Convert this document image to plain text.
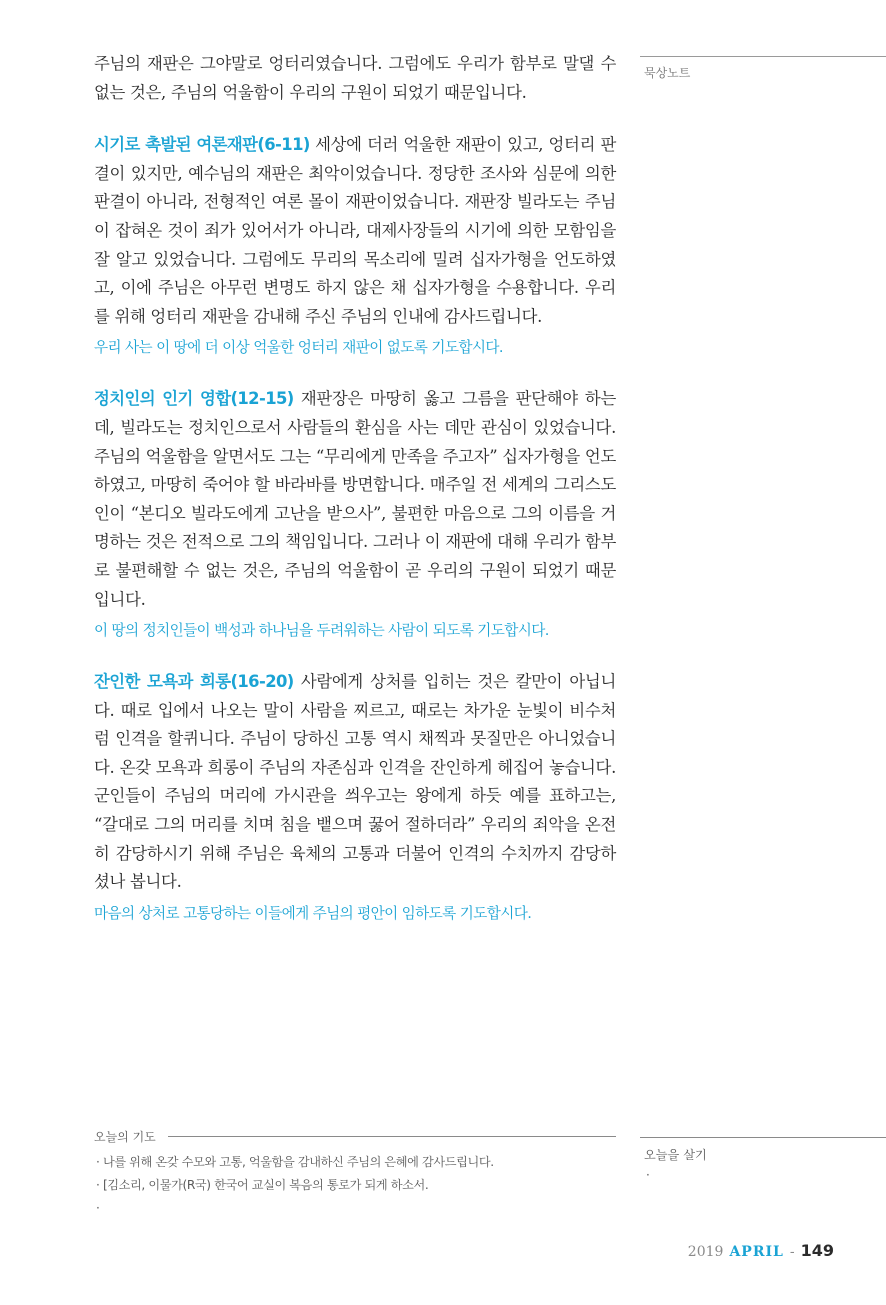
묵상노트

주님의 재판은 그야말로 엉터리였습니다. 그럼에도 우리가 함부로 말댈 수 없는 것은, 주님의 억울함이 우리의 구원이 되었기 때문입니다.

시기로 촉발된 여론재판(6-11) 세상에 더러 억울한 재판이 있고, 엉터리 판결이 있지만, 예수님의 재판은 최악이었습니다. 정당한 조사와 심문에 의한 판결이 아니라, 전형적인 여론 몰이 재판이었습니다. 재판장 빌라도는 주님이 잡혀온 것이 죄가 있어서가 아니라, 대제사장들의 시기에 의한 모함임을 잘 알고 있었습니다. 그럼에도 무리의 목소리에 밀려 십자가형을 언도하였고, 이에 주님은 아무런 변명도 하지 않은 채 십자가형을 수용합니다. 우리를 위해 엉터리 재판을 감내해 주신 주님의 인내에 감사드립니다.

우리 사는 이 땅에 더 이상 억울한 엉터리 재판이 없도록 기도합시다.

정치인의 인기 영합(12-15) 재판장은 마땅히 옳고 그름을 판단해야 하는데, 빌라도는 정치인으로서 사람들의 환심을 사는 데만 관심이 있었습니다. 주님의 억울함을 알면서도 그는 “무리에게 만족을 주고자” 십자가형을 언도하였고, 마땅히 죽어야 할 바라바를 방면합니다. 매주일 전 세계의 그리스도인이 “본디오 빌라도에게 고난을 받으사”, 불편한 마음으로 그의 이름을 거명하는 것은 전적으로 그의 책임입니다. 그러나 이 재판에 대해 우리가 함부로 불편해할 수 없는 것은, 주님의 억울함이 곧 우리의 구원이 되었기 때문입니다.

이 땅의 정치인들이 백성과 하나님을 두려워하는 사람이 되도록 기도합시다.

잔인한 모욕과 희롱(16-20) 사람에게 상처를 입히는 것은 칼만이 아닙니다. 때로 입에서 나오는 말이 사람을 찌르고, 때로는 차가운 눈빛이 비수처럼 인격을 할퀴니다. 주님이 당하신 고통 역시 채찍과 못질만은 아니었습니다. 온갖 모욕과 희롱이 주님의 자존심과 인격을 잔인하게 헤집어 놓습니다. 군인들이 주님의 머리에 가시관을 씌우고는 왕에게 하듯 예를 표하고는, “갈대로 그의 머리를 치며 침을 뱉으며 꿇어 절하더라” 우리의 죄악을 온전히 감당하시기 위해 주님은 육체의 고통과 더불어 인격의 수치까지 감당하셨나 봅니다.

마음의 상처로 고통당하는 이들에게 주님의 평안이 임하도록 기도합시다.
오늘의 기도
· 나를 위해 온갖 수모와 고통, 억울함을 감내하신 주님의 은혜에 감사드립니다.
· [김소리, 이물가(R국) 한국어 교실이 복음의 통로가 되게 하소서.
·
오늘을 살기
·
2019 APRIL - 149
